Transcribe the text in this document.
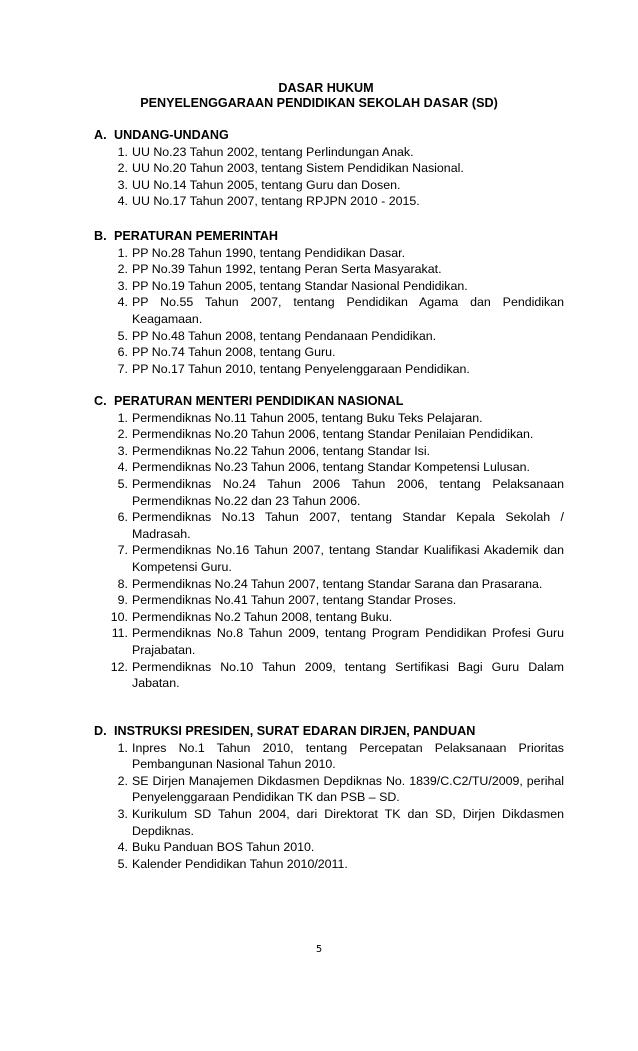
DASAR HUKUM
PENYELENGGARAAN PENDIDIKAN SEKOLAH DASAR (SD)
A. UNDANG-UNDANG
1. UU No.23 Tahun 2002, tentang Perlindungan Anak.
2. UU No.20 Tahun 2003, tentang Sistem Pendidikan Nasional.
3. UU No.14 Tahun 2005, tentang Guru dan Dosen.
4. UU No.17 Tahun 2007, tentang RPJPN 2010 - 2015.
B. PERATURAN PEMERINTAH
1. PP No.28 Tahun 1990, tentang Pendidikan Dasar.
2. PP No.39 Tahun 1992, tentang Peran Serta Masyarakat.
3. PP No.19 Tahun 2005, tentang Standar Nasional Pendidikan.
4. PP No.55 Tahun 2007, tentang Pendidikan Agama dan Pendidikan Keagamaan.
5. PP No.48 Tahun 2008, tentang Pendanaan Pendidikan.
6. PP No.74 Tahun 2008, tentang Guru.
7. PP No.17 Tahun 2010, tentang Penyelenggaraan Pendidikan.
C. PERATURAN MENTERI PENDIDIKAN NASIONAL
1. Permendiknas No.11 Tahun 2005, tentang Buku Teks Pelajaran.
2. Permendiknas No.20 Tahun 2006, tentang Standar Penilaian Pendidikan.
3. Permendiknas No.22 Tahun 2006, tentang Standar Isi.
4. Permendiknas No.23 Tahun 2006, tentang Standar Kompetensi Lulusan.
5. Permendiknas No.24 Tahun 2006 Tahun 2006, tentang Pelaksanaan Permendiknas No.22 dan 23 Tahun 2006.
6. Permendiknas No.13 Tahun 2007, tentang Standar Kepala Sekolah / Madrasah.
7. Permendiknas No.16 Tahun 2007, tentang Standar Kualifikasi Akademik dan Kompetensi Guru.
8. Permendiknas No.24 Tahun 2007, tentang Standar Sarana dan Prasarana.
9. Permendiknas No.41 Tahun 2007, tentang Standar Proses.
10. Permendiknas No.2 Tahun 2008, tentang Buku.
11. Permendiknas No.8 Tahun 2009, tentang Program Pendidikan Profesi Guru Prajabatan.
12. Permendiknas No.10 Tahun 2009, tentang Sertifikasi Bagi Guru Dalam Jabatan.
D. INSTRUKSI PRESIDEN, SURAT EDARAN DIRJEN, PANDUAN
1. Inpres No.1 Tahun 2010, tentang Percepatan Pelaksanaan Prioritas Pembangunan Nasional Tahun 2010.
2. SE Dirjen Manajemen Dikdasmen Depdiknas No. 1839/C.C2/TU/2009, perihal Penyelenggaraan Pendidikan TK dan PSB – SD.
3. Kurikulum SD Tahun 2004, dari Direktorat TK dan SD, Dirjen Dikdasmen Depdiknas.
4. Buku Panduan BOS Tahun 2010.
5. Kalender Pendidikan Tahun 2010/2011.
5
